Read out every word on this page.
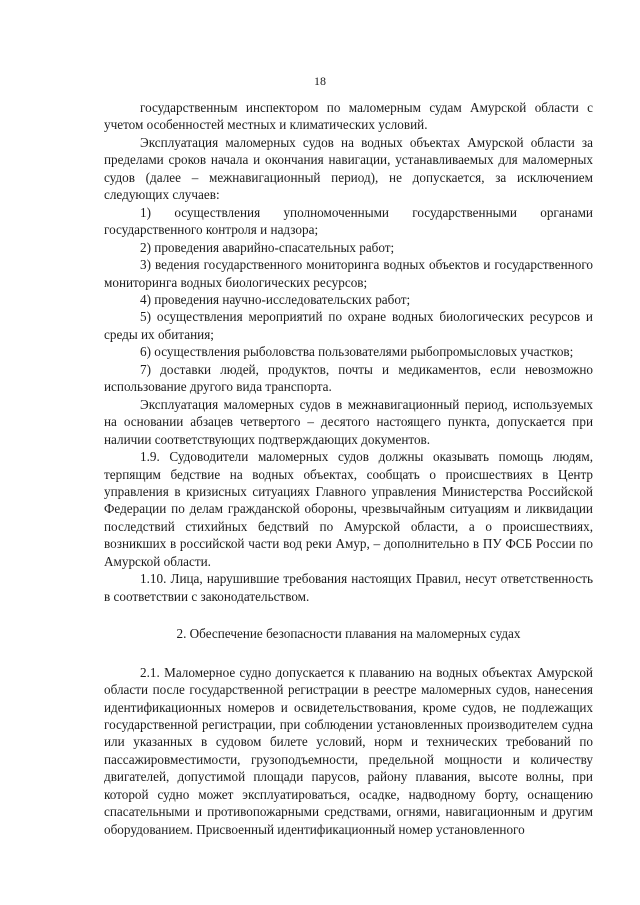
18

государственным инспектором по маломерным судам Амурской области с учетом особенностей местных и климатических условий.

Эксплуатация маломерных судов на водных объектах Амурской области за пределами сроков начала и окончания навигации, устанавливаемых для маломерных судов (далее – межнавигационный период), не допускается, за исключением следующих случаев:

1) осуществления уполномоченными государственными органами государственного контроля и надзора;

2) проведения аварийно-спасательных работ;

3) ведения государственного мониторинга водных объектов и государственного мониторинга водных биологических ресурсов;

4) проведения научно-исследовательских работ;

5) осуществления мероприятий по охране водных биологических ресурсов и среды их обитания;

6) осуществления рыболовства пользователями рыбопромысловых участков;

7) доставки людей, продуктов, почты и медикаментов, если невозможно использование другого вида транспорта.

Эксплуатация маломерных судов в межнавигационный период, используемых на основании абзацев четвертого – десятого настоящего пункта, допускается при наличии соответствующих подтверждающих документов.

1.9. Судоводители маломерных судов должны оказывать помощь людям, терпящим бедствие на водных объектах, сообщать о происшествиях в Центр управления в кризисных ситуациях Главного управления Министерства Российской Федерации по делам гражданской обороны, чрезвычайным ситуациям и ликвидации последствий стихийных бедствий по Амурской области, а о происшествиях, возникших в российской части вод реки Амур, – дополнительно в ПУ ФСБ России по Амурской области.

1.10. Лица, нарушившие требования настоящих Правил, несут ответственность в соответствии с законодательством.

2. Обеспечение безопасности плавания на маломерных судах

2.1. Маломерное судно допускается к плаванию на водных объектах Амурской области после государственной регистрации в реестре маломерных судов, нанесения идентификационных номеров и освидетельствования, кроме судов, не подлежащих государственной регистрации, при соблюдении установленных производителем судна или указанных в судовом билете условий, норм и технических требований по пассажировместимости, грузоподъемности, предельной мощности и количеству двигателей, допустимой площади парусов, району плавания, высоте волны, при которой судно может эксплуатироваться, осадке, надводному борту, оснащению спасательными и противопожарными средствами, огнями, навигационным и другим оборудованием. Присвоенный идентификационный номер установленного
